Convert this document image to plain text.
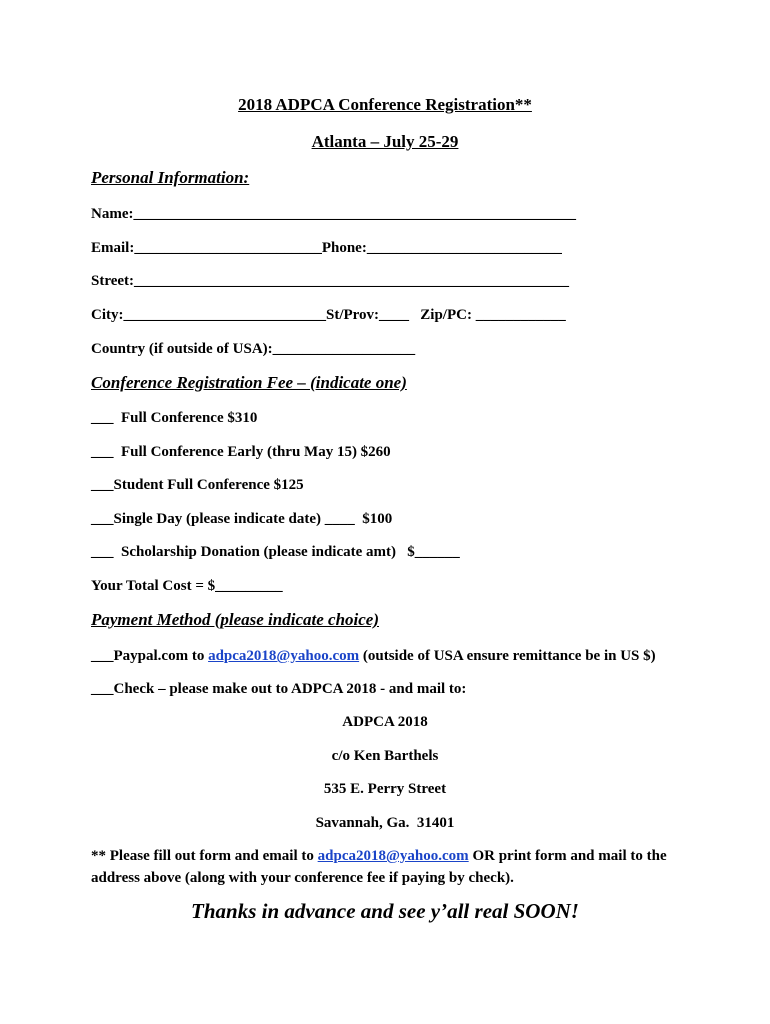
2018 ADPCA Conference Registration**
Atlanta – July 25-29
Personal Information:
Name:___________________________________________________________
Email:_________________________Phone:__________________________
Street:__________________________________________________________
City:___________________________St/Prov:____   Zip/PC: ____________
Country (if outside of USA):___________________
Conference Registration Fee – (indicate one)
___  Full Conference $310
___  Full Conference Early (thru May 15) $260
___Student Full Conference $125
___Single Day (please indicate date) ____  $100
___  Scholarship Donation (please indicate amt)   $______
Your Total Cost = $_________
Payment Method (please indicate choice)
___Paypal.com to adpca2018@yahoo.com (outside of USA ensure remittance be in US $)
___Check – please make out to ADPCA 2018 - and mail to:
ADPCA 2018
c/o Ken Barthels
535 E. Perry Street
Savannah, Ga.  31401
** Please fill out form and email to adpca2018@yahoo.com OR print form and mail to the
address above (along with your conference fee if paying by check).
Thanks in advance and see y’all real SOON!
